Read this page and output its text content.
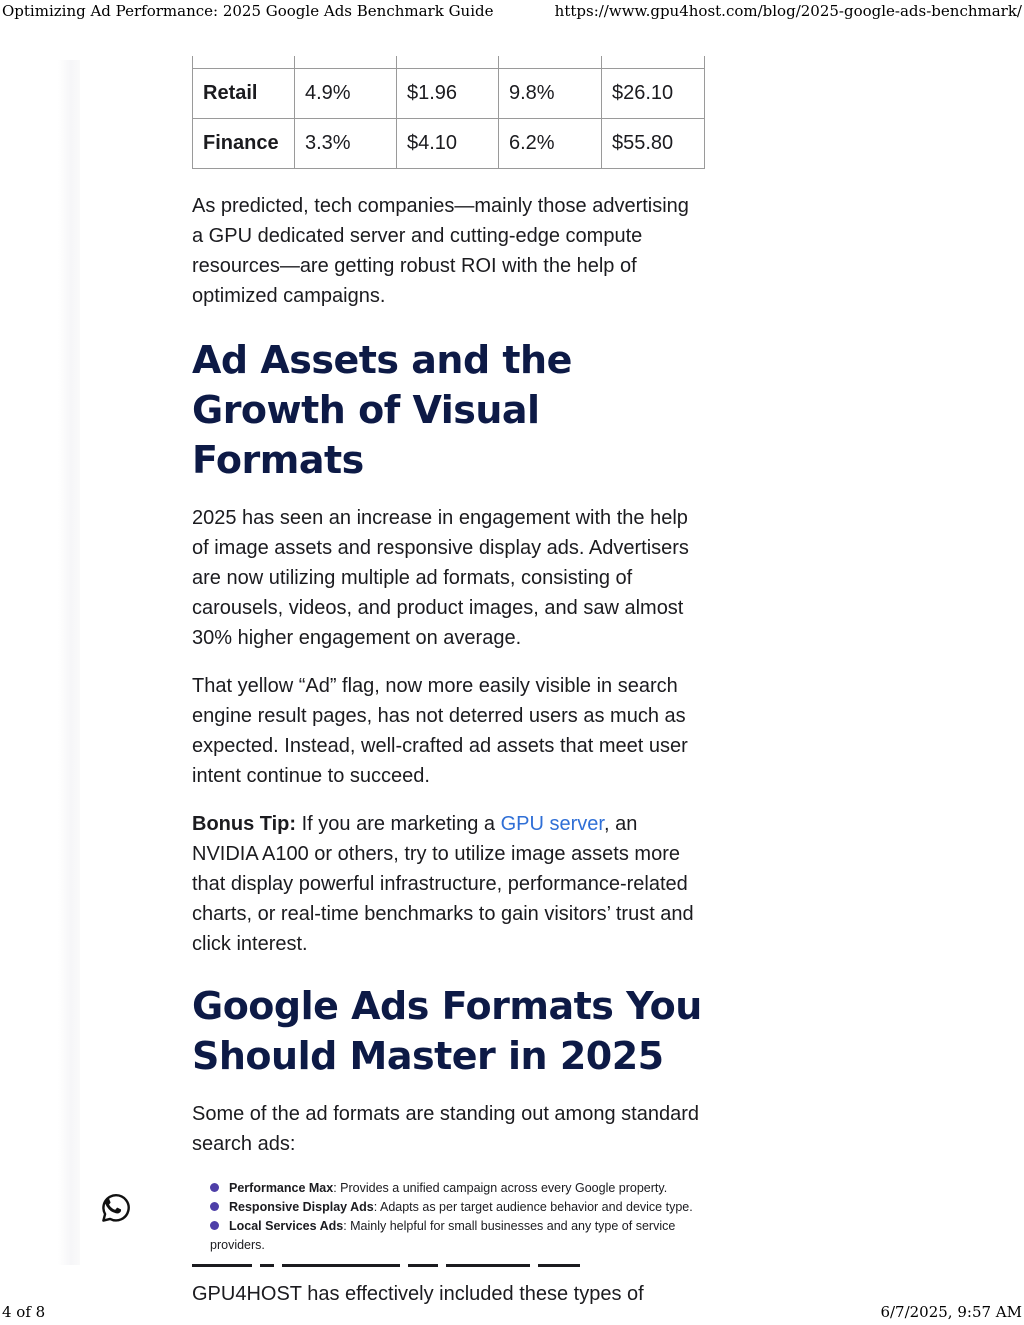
Optimizing Ad Performance: 2025 Google Ads Benchmark Guide	https://www.gpu4host.com/blog/2025-google-ads-benchmark/

Retail	4.9%	$1.96	9.8%	$26.10
Finance	3.3%	$4.10	6.2%	$55.80

As predicted, tech companies—mainly those advertising a GPU dedicated server and cutting-edge compute resources—are getting robust ROI with the help of optimized campaigns.

Ad Assets and the Growth of Visual Formats

2025 has seen an increase in engagement with the help of image assets and responsive display ads. Advertisers are now utilizing multiple ad formats, consisting of carousels, videos, and product images, and saw almost 30% higher engagement on average.

That yellow “Ad” flag, now more easily visible in search engine result pages, has not deterred users as much as expected. Instead, well-crafted ad assets that meet user intent continue to succeed.

Bonus Tip: If you are marketing a GPU server, an NVIDIA A100 or others, try to utilize image assets more that display powerful infrastructure, performance-related charts, or real-time benchmarks to gain visitors’ trust and click interest.

Google Ads Formats You Should Master in 2025

Some of the ad formats are standing out among standard search ads:

Performance Max: Provides a unified campaign across every Google property.
Responsive Display Ads: Adapts as per target audience behavior and device type.
Local Services Ads: Mainly helpful for small businesses and any type of service providers.

GPU4HOST has effectively included these types of

4 of 8	6/7/2025, 9:57 AM
